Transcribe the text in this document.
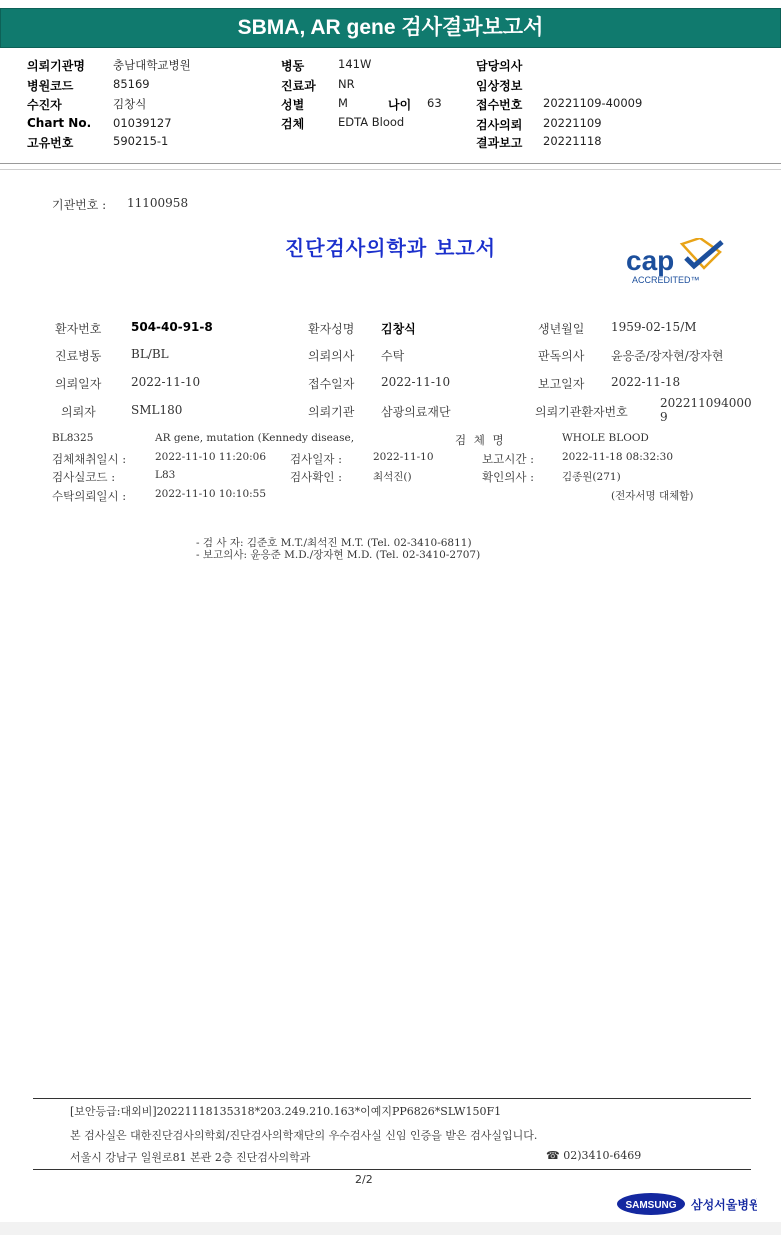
SBMA, AR gene 검사결과보고서
의뢰기관명 충남대학교병원
병원코드	85169
수진자	김창식
Chart No. 01039127
고유번호	590215-1
병동	141W
진료과 NR
성별	M	나이 63
검체	EDTA Blood
담당의사
임상정보
접수번호 20221109-40009
검사의뢰 20221109
결과보고 20221118
기관번호 : 11100958
진단검사의학과 보고서	cap
ACCREDITED™
환자번호 504-40-91-8	환자성명 김창식	생년월일 1959-02-15/M
진료병동 BL/BL	의뢰의사 수탁	판독의사 윤응준/장자현/장자현
의뢰일자 2022-11-10	접수일자 2022-11-10	보고일자 2022-11-18
의뢰자	SML180	의뢰기관 삼광의료재단	의뢰기관환자번호
202211094000
9
BL8325	AR gene, mutation (Kennedy disease,	검 체 명	WHOLE BLOOD
검체채취일시 :	2022-11-10 11:20:06 검사일자 :	2022-11-10	보고시간 :	2022-11-18 08:32:30
검사실코드 :	L83	검사확인 :	최석진()	확인의사 :	김종원(271)
수탁의뢰일시 :	2022-11-10 10:10:55	(전자서명 대체함)
- 검 사 자: 김준호 M.T./최석진 M.T. (Tel. 02-3410-6811)
- 보고의사: 윤응준 M.D./장자현 M.D. (Tel. 02-3410-2707)
[보안등급:대외비]20221118135318*203.249.210.163*이예지PP6826*SLW150F1
본 검사실은 대한진단검사의학회/진단검사의학재단의 우수검사실 신임 인증을 받은 검사실입니다.
서울시 강남구 일원로81 본관 2층 진단검사의학과	☎ 02)3410-6469
2/2
SAMSUNG 삼성서울병원
